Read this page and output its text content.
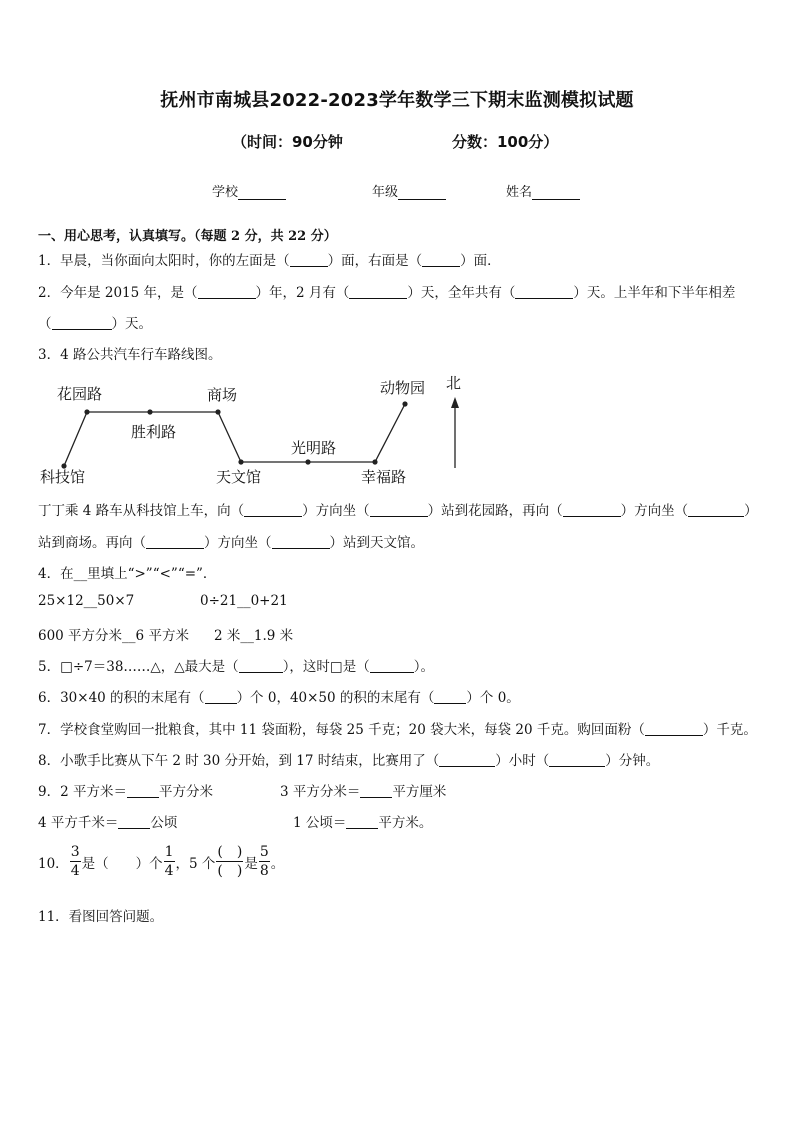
抚州市南城县2022-2023学年数学三下期末监测模拟试题
（时间：90分钟	分数：100分）
学校	年级	姓名
一、用心思考，认真填写。（每题 2 分，共 22 分）
1．早晨，当你面向太阳时，你的左面是（	）面，右面是（	）面．
2．今年是 2015 年，是（	）年，2 月有（	）天，全年共有（	）天。上半年和下半年相差
（	）天。
3．4 路公共汽车行车路线图。
花园路	商场	动物园 北
胜利路
光明路
科技馆	天文馆	幸福路
丁丁乘 4 路车从科技馆上车，向（	）方向坐（	）站到花园路，再向（	）方向坐（	）
站到商场。再向（	）方向坐（	）站到天文馆。
4．在__里填上“>”“<”“=”．
25×12__50×7	0÷21__0+21
600 平方分米__6 平方米 2 米__1.9 米
5．□÷7＝38……△，△最大是（	），这时□是（	）。
6．30×40 的积的末尾有（ ）个 0，40×50 的积的末尾有（ ）个 0。
7．学校食堂购回一批粮食，其中 11 袋面粉，每袋 25 千克；20 袋大米，每袋 20 千克。购回面粉（	）千克。
8．小歌手比赛从下午 2 时 30 分开始，到 17 时结束，比赛用了（	）小时（	）分钟。
9．2 平方米＝ 平方分米	3 平方分米＝ 平方厘米
4 平方千米＝ 公顷	1 公顷＝ 平方米。
10． $\frac{3}{4}$ 是（　　）个 $\frac{1}{4}$ ，5 个 $\frac{( )}{( )}$ 是 $\frac{5}{8}$ 。
11．看图回答问题。
